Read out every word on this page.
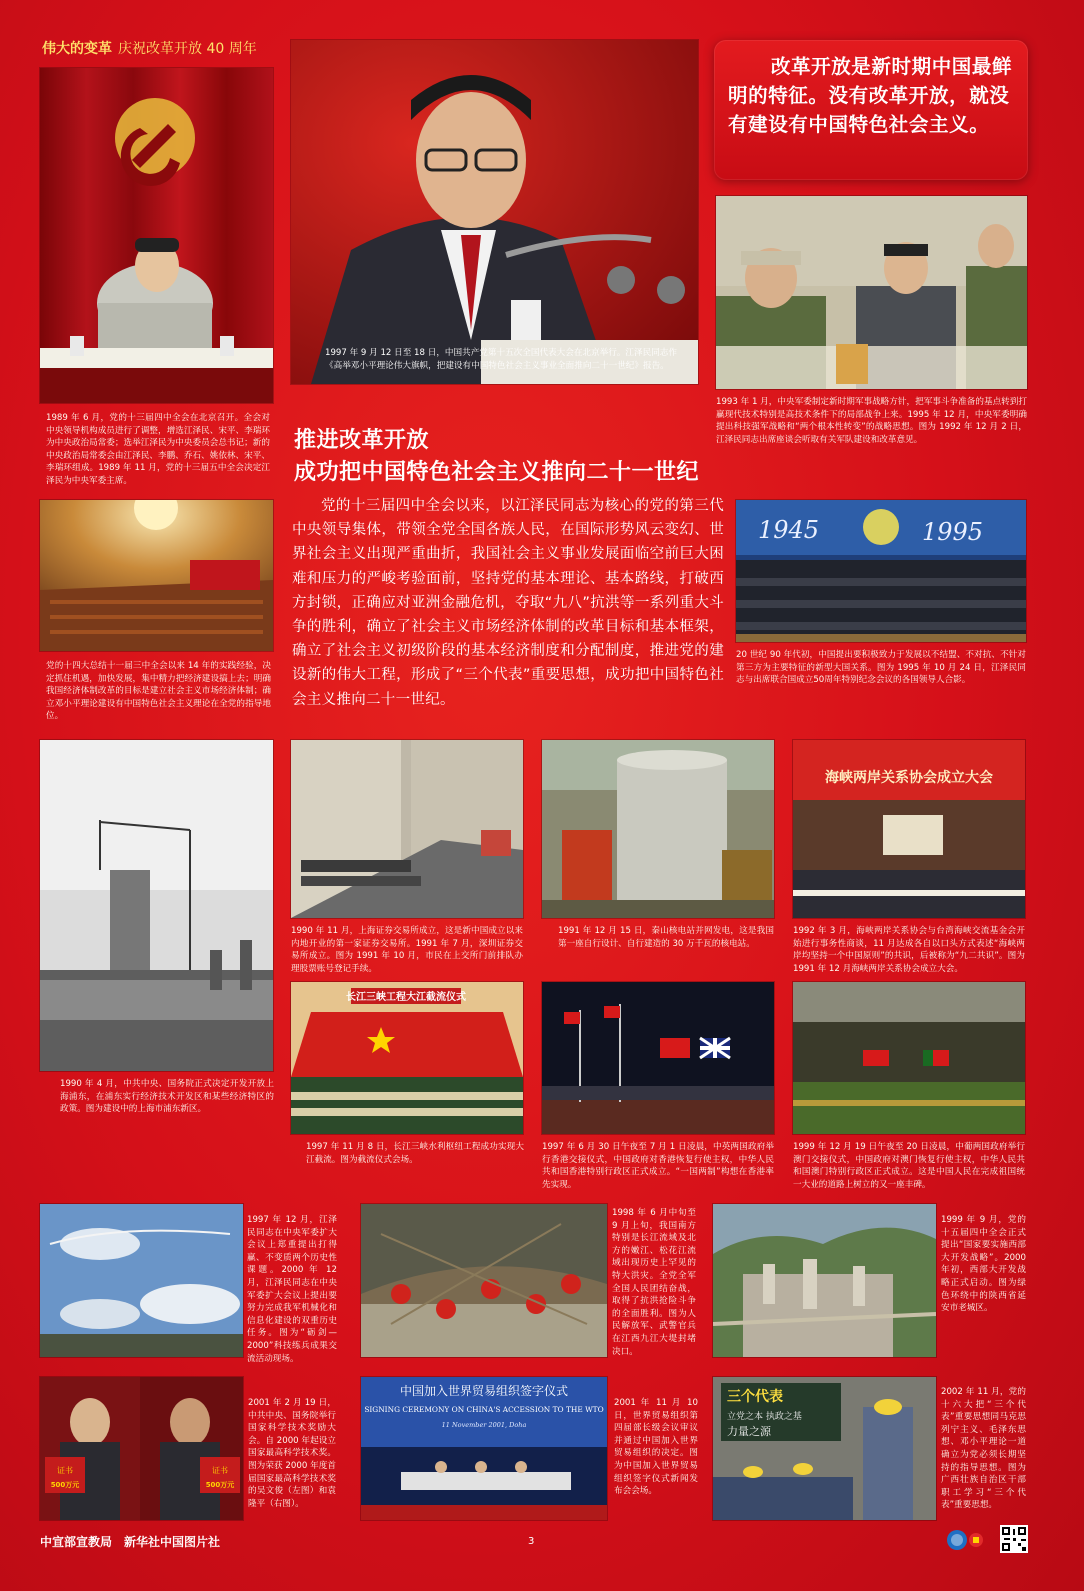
伟大的变革 庆祝改革开放 40 周年
1989 年 6 月，党的十三届四中全会在北京召开。全会对中央领导机构成员进行了调整，增选江泽民、宋平、李瑞环为中央政治局常委；选举江泽民为中央委员会总书记；新的中央政治局常委会由江泽民、李鹏、乔石、姚依林、宋平、李瑞环组成。1989 年 11 月，党的十三届五中全会决定江泽民为中央军委主席。
1997 年 9 月 12 日至 18 日，中国共产党第十五次全国代表大会在北京举行。江泽民同志作《高举邓小平理论伟大旗帜，把建设有中国特色社会主义事业全面推向二十一世纪》报告。
改革开放是新时期中国最鲜明的特征。没有改革开放，就没有建设有中国特色社会主义。
1993 年 1 月，中央军委制定新时期军事战略方针，把军事斗争准备的基点转到打赢现代技术特别是高技术条件下的局部战争上来。1995 年 12 月，中央军委明确提出科技强军战略和“两个根本性转变”的战略思想。图为 1992 年 12 月 2 日，江泽民同志出席座谈会听取有关军队建设和改革意见。
推进改革开放
成功把中国特色社会主义推向二十一世纪
党的十三届四中全会以来，以江泽民同志为核心的党的第三代中央领导集体，带领全党全国各族人民，在国际形势风云变幻、世界社会主义出现严重曲折，我国社会主义事业发展面临空前巨大困难和压力的严峻考验面前，坚持党的基本理论、基本路线，打破西方封锁，正确应对亚洲金融危机，夺取“九八”抗洪等一系列重大斗争的胜利，确立了社会主义市场经济体制的改革目标和基本框架，确立了社会主义初级阶段的基本经济制度和分配制度，推进党的建设新的伟大工程，形成了“三个代表”重要思想，成功把中国特色社会主义推向二十一世纪。
党的十四大总结十一届三中全会以来 14 年的实践经验，决定抓住机遇，加快发展，集中精力把经济建设搞上去；明确我国经济体制改革的目标是建立社会主义市场经济体制；确立邓小平理论建设有中国特色社会主义理论在全党的指导地位。
1945	1995
20 世纪 90 年代初，中国提出要积极致力于发展以不结盟、不对抗、不针对第三方为主要特征的新型大国关系。图为 1995 年 10 月 24 日，江泽民同志与出席联合国成立50周年特别纪念会议的各国领导人合影。
1990 年 4 月，中共中央、国务院正式决定开发开放上海浦东，在浦东实行经济技术开发区和某些经济特区的政策。图为建设中的上海市浦东新区。
1990 年 11 月，上海证券交易所成立，这是新中国成立以来内地开业的第一家证券交易所。1991 年 7 月，深圳证券交易所成立。图为 1991 年 10 月，市民在上交所门前排队办理股票账号登记手续。
1991 年 12 月 15 日，秦山核电站并网发电，这是我国第一座自行设计、自行建造的 30 万千瓦的核电站。
海峡两岸关系协会成立大会
1992 年 3 月，海峡两岸关系协会与台湾海峡交流基金会开始进行事务性商谈，11 月达成各自以口头方式表述“海峡两岸均坚持一个中国原则”的共识，后被称为“九二共识”。图为 1991 年 12 月海峡两岸关系协会成立大会。
长江三峡工程大江截流仪式
1997 年 11 月 8 日，长江三峡水利枢纽工程成功实现大江截流。图为截流仪式会场。
1997 年 6 月 30 日午夜至 7 月 1 日凌晨，中英两国政府举行香港交接仪式，中国政府对香港恢复行使主权，中华人民共和国香港特别行政区正式成立。“一国两制”构想在香港率先实现。
1999 年 12 月 19 日午夜至 20 日凌晨，中葡两国政府举行澳门交接仪式，中国政府对澳门恢复行使主权，中华人民共和国澳门特别行政区正式成立。这是中国人民在完成祖国统一大业的道路上树立的又一座丰碑。
1997 年 12 月，江泽民同志在中央军委扩大会议上郑重提出打得赢、不变质两个历史性课题。2000 年 12 月，江泽民同志在中央军委扩大会议上提出要努力完成我军机械化和信息化建设的双重历史任务。图为“砺剑—2000”科技练兵成果交流活动现场。
1998 年 6 月中旬至 9 月上旬，我国南方特别是长江流域及北方的嫩江、松花江流域出现历史上罕见的特大洪灾。全党全军全国人民团结奋战，取得了抗洪抢险斗争的全面胜利。图为人民解放军、武警官兵在江西九江大堤封堵决口。
1999 年 9 月，党的十五届四中全会正式提出“国家要实施西部大开发战略”。2000 年初，西部大开发战略正式启动。图为绿色环绕中的陕西省延安市老城区。
证书
500万元
证书
500万元
2001 年 2 月 19 日，中共中央、国务院举行国家科学技术奖励大会。自 2000 年起设立国家最高科学技术奖。图为荣获 2000 年度首届国家最高科学技术奖的吴文俊（左图）和袁隆平（右图）。
中国加入世界贸易组织签字仪式
SIGNING CEREMONY ON CHINA'S ACCESSION TO THE WTO
11 November 2001, Doha
2001 年 11 月 10 日，世界贸易组织第四届部长级会议审议并通过中国加入世界贸易组织的决定。图为中国加入世界贸易组织签字仪式新闻发布会会场。
三个代表
立党之本 执政之基
力量之源
2002 年 11 月，党的十六大把“三个代表”重要思想同马克思列宁主义、毛泽东思想、邓小平理论一道确立为党必须长期坚持的指导思想。图为广西壮族自治区干部职工学习“三个代表”重要思想。
中宣部宣教局　新华社中国图片社	3
